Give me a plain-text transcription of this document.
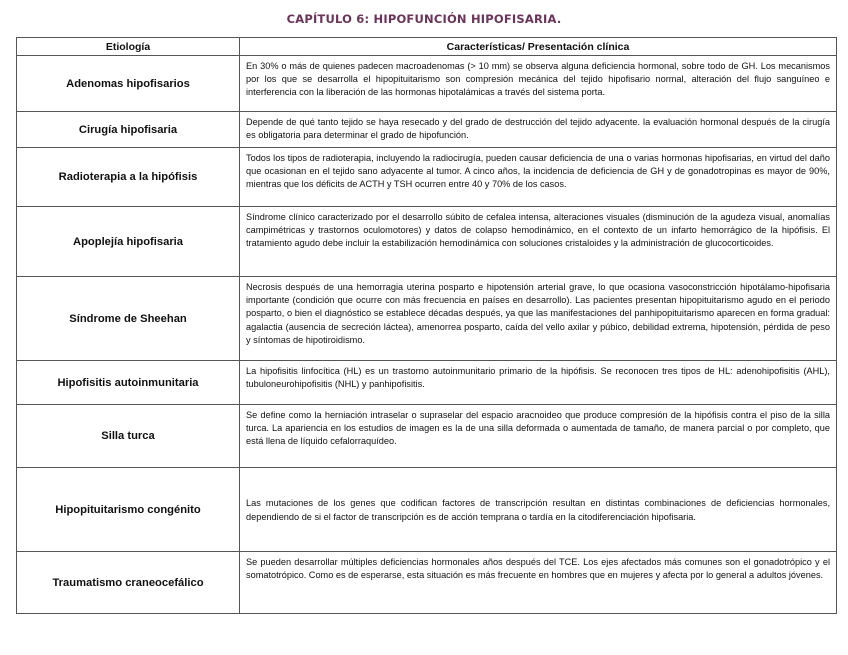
CAPÍTULO 6: HIPOFUNCIÓN HIPOFISARIA.
Etiología	Características/ Presentación clínica
Adenomas hipofisarios	En 30% o más de quienes padecen macroadenomas (> 10 mm) se observa alguna deficiencia hormonal, sobre todo de GH. Los mecanismos por los que se desarrolla el hipopituitarismo son compresión mecánica del tejido hipofisario normal, alteración del flujo sanguíneo e interferencia con la liberación de las hormonas hipotalámicas a través del sistema porta.
Cirugía hipofisaria	Depende de qué tanto tejido se haya resecado y del grado de destrucción del tejido adyacente. la evaluación hormonal después de la cirugía es obligatoria para determinar el grado de hipofunción.
Radioterapia a la hipófisis	Todos los tipos de radioterapia, incluyendo la radiocirugía, pueden causar deficiencia de una o varias hormonas hipofisarias, en virtud del daño que ocasionan en el tejido sano adyacente al tumor. A cinco años, la incidencia de deficiencia de GH y de gonadotropinas es mayor de 90%, mientras que los déficits de ACTH y TSH ocurren entre 40 y 70% de los casos.
Apoplejía hipofisaria	Síndrome clínico caracterizado por el desarrollo súbito de cefalea intensa, alteraciones visuales (disminución de la agudeza visual, anomalías campimétricas y trastornos oculomotores) y datos de colapso hemodinámico, en el contexto de un infarto hemorrágico de la hipófisis. El tratamiento agudo debe incluir la estabilización hemodinámica con soluciones cristaloides y la administración de glucocorticoides.
Síndrome de Sheehan	Necrosis después de una hemorragia uterina posparto e hipotensión arterial grave, lo que ocasiona vasoconstricción hipotálamo-hipofisaria importante (condición que ocurre con más frecuencia en países en desarrollo). Las pacientes presentan hipopituitarismo agudo en el periodo posparto, o bien el diagnóstico se establece décadas después, ya que las manifestaciones del panhipopituitarismo aparecen en forma gradual: agalactia (ausencia de secreción láctea), amenorrea posparto, caída del vello axilar y púbico, debilidad extrema, hipotensión, pérdida de peso y síntomas de hipotiroidismo.
Hipofisitis autoinmunitaria	La hipofisitis linfocítica (HL) es un trastorno autoinmunitario primario de la hipófisis. Se reconocen tres tipos de HL: adenohipofisitis (AHL), tubuloneurohipofisitis (NHL) y panhipofisitis.
Silla turca	Se define como la herniación intraselar o supraselar del espacio aracnoideo que produce compresión de la hipófisis contra el piso de la silla turca. La apariencia en los estudios de imagen es la de una silla deformada o aumentada de tamaño, de manera parcial o por completo, que está llena de líquido cefalorraquídeo.
Hipopituitarismo congénito	Las mutaciones de los genes que codifican factores de transcripción resultan en distintas combinaciones de deficiencias hormonales, dependiendo de si el factor de transcripción es de acción temprana o tardía en la citodiferenciación hipofisaria.
Traumatismo craneocefálico	Se pueden desarrollar múltiples deficiencias hormonales años después del TCE. Los ejes afectados más comunes son el gonadotrópico y el somatotrópico. Como es de esperarse, esta situación es más frecuente en hombres que en mujeres y afecta por lo general a adultos jóvenes.
